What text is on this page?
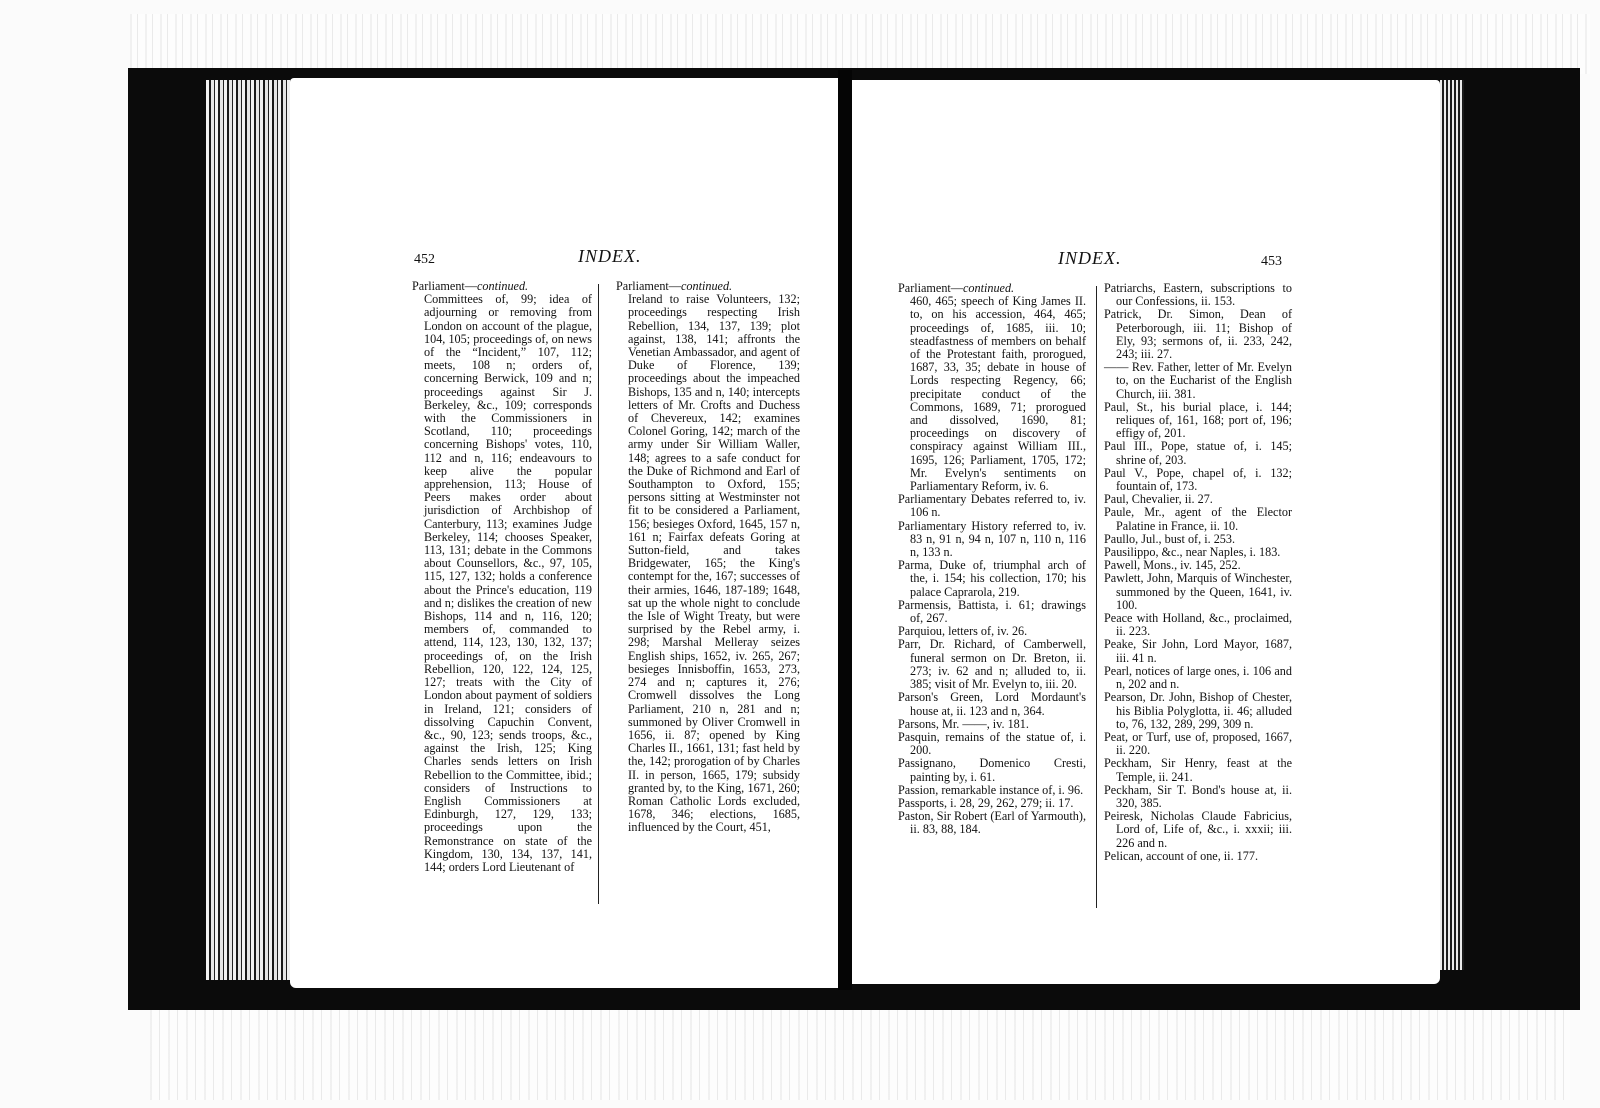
452	INDEX.
Parliament—continued.
Committees of, 99; idea of adjourning or removing from London on account of the plague, 104, 105; proceedings of, on news of the “Incident,” 107, 112; meets, 108 n; orders of, concerning Berwick, 109 and n; proceedings against Sir J. Berkeley, &c., 109; corresponds with the Commissioners in Scotland, 110; proceedings concerning Bishops' votes, 110, 112 and n, 116; endeavours to keep alive the popular apprehension, 113; House of Peers makes order about jurisdiction of Archbishop of Canterbury, 113; examines Judge Berkeley, 114; chooses Speaker, 113, 131; debate in the Commons about Counsellors, &c., 97, 105, 115, 127, 132; holds a conference about the Prince's education, 119 and n; dislikes the creation of new Bishops, 114 and n, 116, 120; members of, commanded to attend, 114, 123, 130, 132, 137; proceedings of, on the Irish Rebellion, 120, 122, 124, 125, 127; treats with the City of London about payment of soldiers in Ireland, 121; considers of dissolving Capuchin Convent, &c., 90, 123; sends troops, &c., against the Irish, 125; King Charles sends letters on Irish Rebellion to the Committee, ibid.; considers of Instructions to English Commissioners at Edinburgh, 127, 129, 133; proceedings upon the Remonstrance on state of the Kingdom, 130, 134, 137, 141, 144; orders Lord Lieutenant of
Parliament—continued.
Ireland to raise Volunteers, 132; proceedings respecting Irish Rebellion, 134, 137, 139; plot against, 138, 141; affronts the Venetian Ambassador, and agent of Duke of Florence, 139; proceedings about the impeached Bishops, 135 and n, 140; intercepts letters of Mr. Crofts and Duchess of Chevereux, 142; examines Colonel Goring, 142; march of the army under Sir William Waller, 148; agrees to a safe conduct for the Duke of Richmond and Earl of Southampton to Oxford, 155; persons sitting at Westminster not fit to be considered a Parliament, 156; besieges Oxford, 1645, 157 n, 161 n; Fairfax defeats Goring at Sutton-field, and takes Bridgewater, 165; the King's contempt for the, 167; successes of their armies, 1646, 187-189; 1648, sat up the whole night to conclude the Isle of Wight Treaty, but were surprised by the Rebel army, i. 298; Marshal Melleray seizes English ships, 1652, iv. 265, 267; besieges Innisboffin, 1653, 273, 274 and n; captures it, 276; Cromwell dissolves the Long Parliament, 210 n, 281 and n; summoned by Oliver Cromwell in 1656, ii. 87; opened by King Charles II., 1661, 131; fast held by the, 142; prorogation of by Charles II. in person, 1665, 179; subsidy granted by, to the King, 1671, 260; Roman Catholic Lords excluded, 1678, 346; elections, 1685, influenced by the Court, 451,
INDEX.	453
Parliament—continued.
460, 465; speech of King James II. to, on his accession, 464, 465; proceedings of, 1685, iii. 10; steadfastness of members on behalf of the Protestant faith, prorogued, 1687, 33, 35; debate in house of Lords respecting Regency, 66; precipitate conduct of the Commons, 1689, 71; prorogued and dissolved, 1690, 81; proceedings on discovery of conspiracy against William III., 1695, 126; Parliament, 1705, 172; Mr. Evelyn's sentiments on Parliamentary Reform, iv. 6.
Parliamentary Debates referred to, iv. 106 n.
Parliamentary History referred to, iv. 83 n, 91 n, 94 n, 107 n, 110 n, 116 n, 133 n.
Parma, Duke of, triumphal arch of the, i. 154; his collection, 170; his palace Caprarola, 219.
Parmensis, Battista, i. 61; drawings of, 267.
Parquiou, letters of, iv. 26.
Parr, Dr. Richard, of Camberwell, funeral sermon on Dr. Breton, ii. 273; iv. 62 and n; alluded to, ii. 385; visit of Mr. Evelyn to, iii. 20.
Parson's Green, Lord Mordaunt's house at, ii. 123 and n, 364.
Parsons, Mr. ——, iv. 181.
Pasquin, remains of the statue of, i. 200.
Passignano, Domenico Cresti, painting by, i. 61.
Passion, remarkable instance of, i. 96.
Passports, i. 28, 29, 262, 279; ii. 17.
Paston, Sir Robert (Earl of Yarmouth), ii. 83, 88, 184.
Patriarchs, Eastern, subscriptions to our Confessions, ii. 153.
Patrick, Dr. Simon, Dean of Peterborough, iii. 11; Bishop of Ely, 93; sermons of, ii. 233, 242, 243; iii. 27.
—— Rev. Father, letter of Mr. Evelyn to, on the Eucharist of the English Church, iii. 381.
Paul, St., his burial place, i. 144; reliques of, 161, 168; port of, 196; effigy of, 201.
Paul III., Pope, statue of, i. 145; shrine of, 203.
Paul V., Pope, chapel of, i. 132; fountain of, 173.
Paul, Chevalier, ii. 27.
Paule, Mr., agent of the Elector Palatine in France, ii. 10.
Paullo, Jul., bust of, i. 253.
Pausilippo, &c., near Naples, i. 183.
Pawell, Mons., iv. 145, 252.
Pawlett, John, Marquis of Winchester, summoned by the Queen, 1641, iv. 100.
Peace with Holland, &c., proclaimed, ii. 223.
Peake, Sir John, Lord Mayor, 1687, iii. 41 n.
Pearl, notices of large ones, i. 106 and n, 202 and n.
Pearson, Dr. John, Bishop of Chester, his Biblia Polyglotta, ii. 46; alluded to, 76, 132, 289, 299, 309 n.
Peat, or Turf, use of, proposed, 1667, ii. 220.
Peckham, Sir Henry, feast at the Temple, ii. 241.
Peckham, Sir T. Bond's house at, ii. 320, 385.
Peiresk, Nicholas Claude Fabricius, Lord of, Life of, &c., i. xxxii; iii. 226 and n.
Pelican, account of one, ii. 177.
